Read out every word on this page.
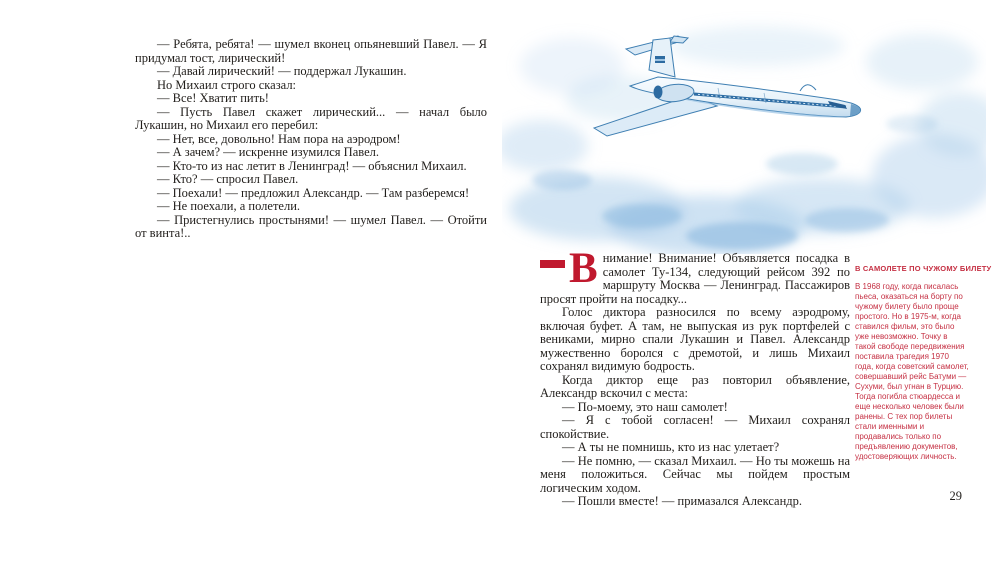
— Ребята, ребята! — шумел вконец опьяневший Павел. — Я придумал тост, лирический!

— Давай лирический! — поддержал Лукашин.

Но Михаил строго сказал:

— Все! Хватит пить!

— Пусть Павел скажет лирический... — начал было Лукашин, но Михаил его перебил:

— Нет, все, довольно! Нам пора на аэродром!

— А зачем? — искренне изумился Павел.

— Кто-то из нас летит в Ленинград! — объяснил Михаил.

— Кто? — спросил Павел.

— Поехали! — предложил Александр. — Там разберемся!

— Не поехали, а полетели.

— Пристегнулись простынями! — шумел Павел. — Отойти от винта!..

В нимание! Внимание! Объявляется посадка в самолет Ту-134, следующий рейсом 392 по маршруту Москва — Ленинград. Пассажиров просят пройти на посадку...

Голос диктора разносился по всему аэродрому, включая буфет. А там, не выпуская из рук портфелей с вениками, мирно спали Лукашин и Павел. Александр мужественно боролся с дремотой, и лишь Михаил сохранял видимую бодрость.

Когда диктор еще раз повторил объявление, Александр вскочил с места:

— По-моему, это наш самолет!

— Я с тобой согласен! — Михаил сохранял спокойствие.

— А ты не помнишь, кто из нас улетает?

— Не помню, — сказал Михаил. — Но ты можешь на меня положиться. Сейчас мы пойдем простым логическим ходом.

— Пошли вместе! — примазался Александр.

В САМОЛЕТЕ ПО ЧУЖОМУ БИЛЕТУ
В 1968 году, когда писалась пьеса, оказаться на борту по чужому билету было проще простого. Но в 1975-м, когда ставился фильм, это было уже невозможно. Точку в такой свободе передвижения поставила трагедия 1970 года, когда советский самолет, совершавший рейс Батуми — Сухуми, был угнан в Турцию. Тогда погибла стюардесса и еще несколько человек были ранены. С тех пор билеты стали именными и продавались только по предъявлению документов, удостоверяющих личность.
29
